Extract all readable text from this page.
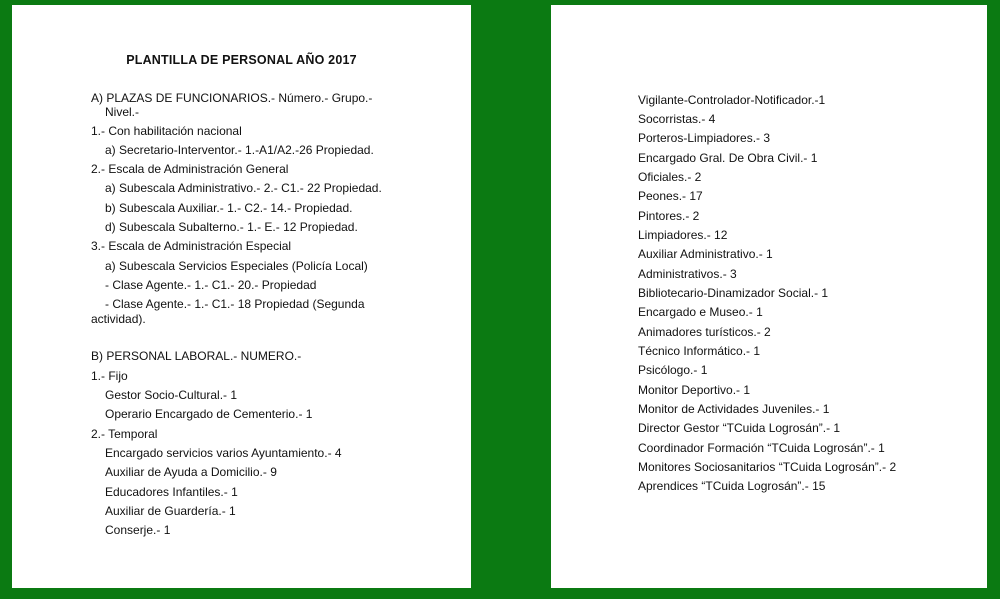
PLANTILLA DE PERSONAL AÑO 2017
A) PLAZAS DE FUNCIONARIOS.- Número.- Grupo.-
Nivel.-
1.- Con habilitación nacional
a) Secretario-Interventor.- 1.-A1/A2.-26 Propiedad.
2.- Escala de Administración General
a) Subescala Administrativo.- 2.- C1.- 22 Propiedad.
b) Subescala Auxiliar.- 1.- C2.- 14.- Propiedad.
d) Subescala Subalterno.- 1.- E.- 12 Propiedad.
3.- Escala de Administración Especial
a) Subescala Servicios Especiales (Policía Local)
- Clase Agente.- 1.- C1.- 20.- Propiedad
- Clase Agente.- 1.- C1.- 18 Propiedad (Segunda
actividad).
B) PERSONAL LABORAL.- NUMERO.-
1.- Fijo
Gestor Socio-Cultural.- 1
Operario Encargado de Cementerio.- 1
2.- Temporal
Encargado servicios varios Ayuntamiento.- 4
Auxiliar de Ayuda a Domicilio.- 9
Educadores Infantiles.- 1
Auxiliar de Guardería.- 1
Conserje.- 1
Vigilante-Controlador-Notificador.-1
Socorristas.- 4
Porteros-Limpiadores.- 3
Encargado Gral. De Obra Civil.- 1
Oficiales.- 2
Peones.- 17
Pintores.- 2
Limpiadores.- 12
Auxiliar Administrativo.- 1
Administrativos.- 3
Bibliotecario-Dinamizador Social.- 1
Encargado e Museo.- 1
Animadores turísticos.- 2
Técnico Informático.- 1
Psicólogo.- 1
Monitor Deportivo.- 1
Monitor de Actividades Juveniles.- 1
Director Gestor “TCuida Logrosán”.- 1
Coordinador Formación “TCuida Logrosán”.- 1
Monitores Sociosanitarios “TCuida Logrosán”.- 2
Aprendices “TCuida Logrosán”.- 15
